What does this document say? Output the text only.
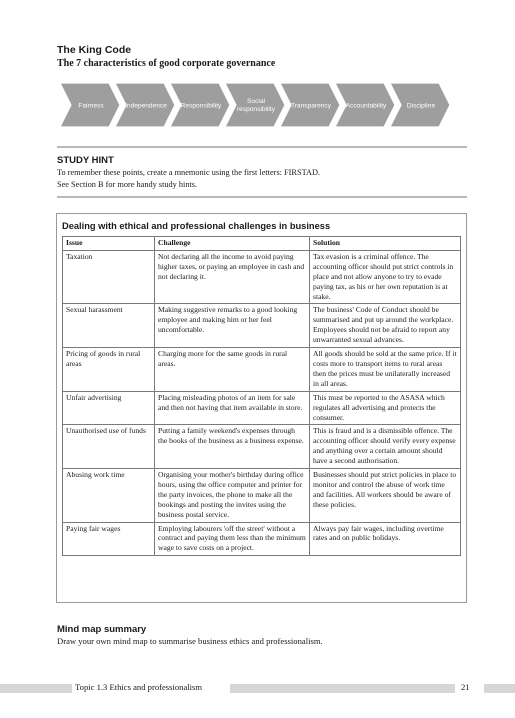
The King Code
The 7 characteristics of good corporate governance
Fairness	Independence Responsibility
Social
responsibility Transparency Accountability	Discipline
STUDY HINT
To remember these points, create a mnemonic using the first letters: FIRSTAD.
See Section B for more handy study hints.
Dealing with ethical and professional challenges in business
Issue	Challenge	Solution
Taxation	Not declaring all the income to avoid paying higher taxes, or paying an employee in cash and not declaring it.	Tax evasion is a criminal offence. The accounting officer should put strict controls in place and not allow anyone to try to evade paying tax, as his or her own reputation is at stake.
Sexual harassment	Making suggestive remarks to a good looking employee and making him or her feel uncomfortable.	The business' Code of Conduct should be summarised and put up around the workplace. Employees should not be afraid to report any unwarranted sexual advances.
Pricing of goods in rural areas	Charging more for the same goods in rural areas.	All goods should be sold at the same price. If it costs more to transport items to rural areas then the prices must be unilaterally increased in all areas.
Unfair advertising	Placing misleading photos of an item for sale and then not having that item available in store.	This must be reported to the ASASA which regulates all advertising and protects the consumer.
Unauthorised use of funds	Putting a family weekend's expenses through the books of the business as a business expense.	This is fraud and is a dismissible offence. The accounting officer should verify every expense and anything over a certain amount should have a second authorisation.
Abusing work time	Organising your mother's birthday during office hours, using the office computer and printer for the party invoices, the phone to make all the bookings and posting the invites using the business postal service.	Businesses should put strict policies in place to monitor and control the abuse of work time and facilities. All workers should be aware of these policies.
Paying fair wages	Employing labourers 'off the street' without a contract and paying them less than the minimum wage to save costs on a project.	Always pay fair wages, including overtime rates and on public holidays.
Mind map summary
Draw your own mind map to summarise business ethics and professionalism.
Topic 1.3 Ethics and professionalism	21
